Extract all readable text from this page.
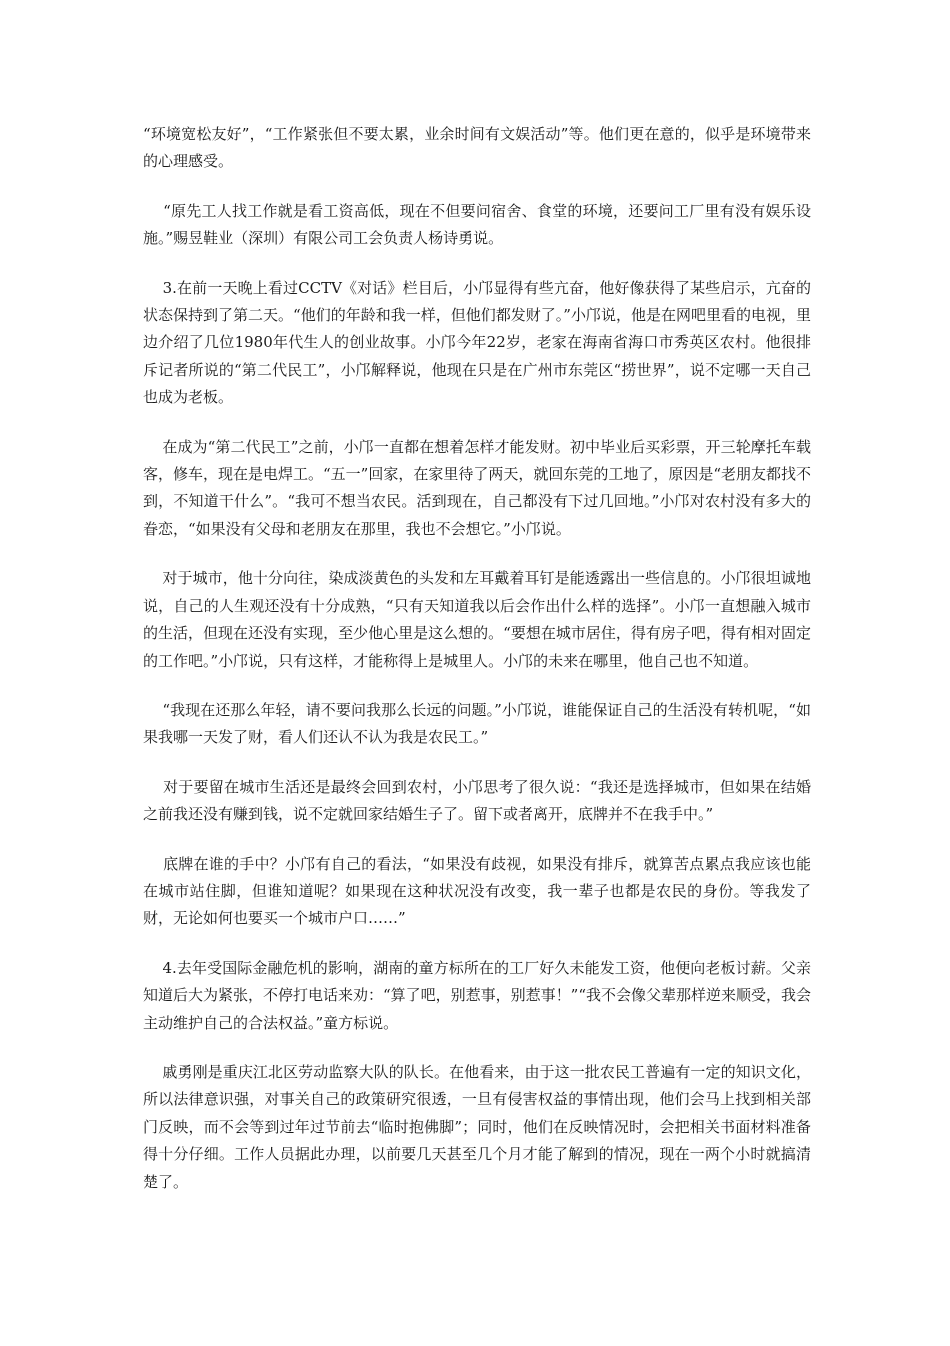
“环境宽松友好”，“工作紧张但不要太累，业余时间有文娱活动”等。他们更在意的，似乎是环境带来的心理感受。

“原先工人找工作就是看工资高低，现在不但要问宿舍、食堂的环境，还要问工厂里有没有娱乐设施。”赐昱鞋业（深圳）有限公司工会负责人杨诗勇说。

3.在前一天晚上看过CCTV《对话》栏目后，小邝显得有些亢奋，他好像获得了某些启示，亢奋的状态保持到了第二天。“他们的年龄和我一样，但他们都发财了。”小邝说，他是在网吧里看的电视，里边介绍了几位1980年代生人的创业故事。小邝今年22岁，老家在海南省海口市秀英区农村。他很排斥记者所说的“第二代民工”，小邝解释说，他现在只是在广州市东莞区“捞世界”，说不定哪一天自己也成为老板。

在成为“第二代民工”之前，小邝一直都在想着怎样才能发财。初中毕业后买彩票，开三轮摩托车载客，修车，现在是电焊工。“五一”回家，在家里待了两天，就回东莞的工地了，原因是“老朋友都找不到，不知道干什么”。“我可不想当农民。活到现在，自己都没有下过几回地。”小邝对农村没有多大的眷恋，“如果没有父母和老朋友在那里，我也不会想它。”小邝说。

对于城市，他十分向往，染成淡黄色的头发和左耳戴着耳钉是能透露出一些信息的。小邝很坦诚地说，自己的人生观还没有十分成熟，“只有天知道我以后会作出什么样的选择”。小邝一直想融入城市的生活，但现在还没有实现，至少他心里是这么想的。“要想在城市居住，得有房子吧，得有相对固定的工作吧。”小邝说，只有这样，才能称得上是城里人。小邝的未来在哪里，他自己也不知道。

“我现在还那么年轻，请不要问我那么长远的问题。”小邝说，谁能保证自己的生活没有转机呢，“如果我哪一天发了财，看人们还认不认为我是农民工。”

对于要留在城市生活还是最终会回到农村，小邝思考了很久说：“我还是选择城市，但如果在结婚之前我还没有赚到钱，说不定就回家结婚生子了。留下或者离开，底牌并不在我手中。”

底牌在谁的手中？小邝有自己的看法，“如果没有歧视，如果没有排斥，就算苦点累点我应该也能在城市站住脚，但谁知道呢？如果现在这种状况没有改变，我一辈子也都是农民的身份。等我发了财，无论如何也要买一个城市户口……”

4.去年受国际金融危机的影响，湖南的童方标所在的工厂好久未能发工资，他便向老板讨薪。父亲知道后大为紧张，不停打电话来劝：“算了吧，别惹事，别惹事！”“我不会像父辈那样逆来顺受，我会主动维护自己的合法权益。”童方标说。

戚勇刚是重庆江北区劳动监察大队的队长。在他看来，由于这一批农民工普遍有一定的知识文化，所以法律意识强，对事关自己的政策研究很透，一旦有侵害权益的事情出现，他们会马上找到相关部门反映，而不会等到过年过节前去“临时抱佛脚”；同时，他们在反映情况时，会把相关书面材料准备得十分仔细。工作人员据此办理，以前要几天甚至几个月才能了解到的情况，现在一两个小时就搞清楚了。
